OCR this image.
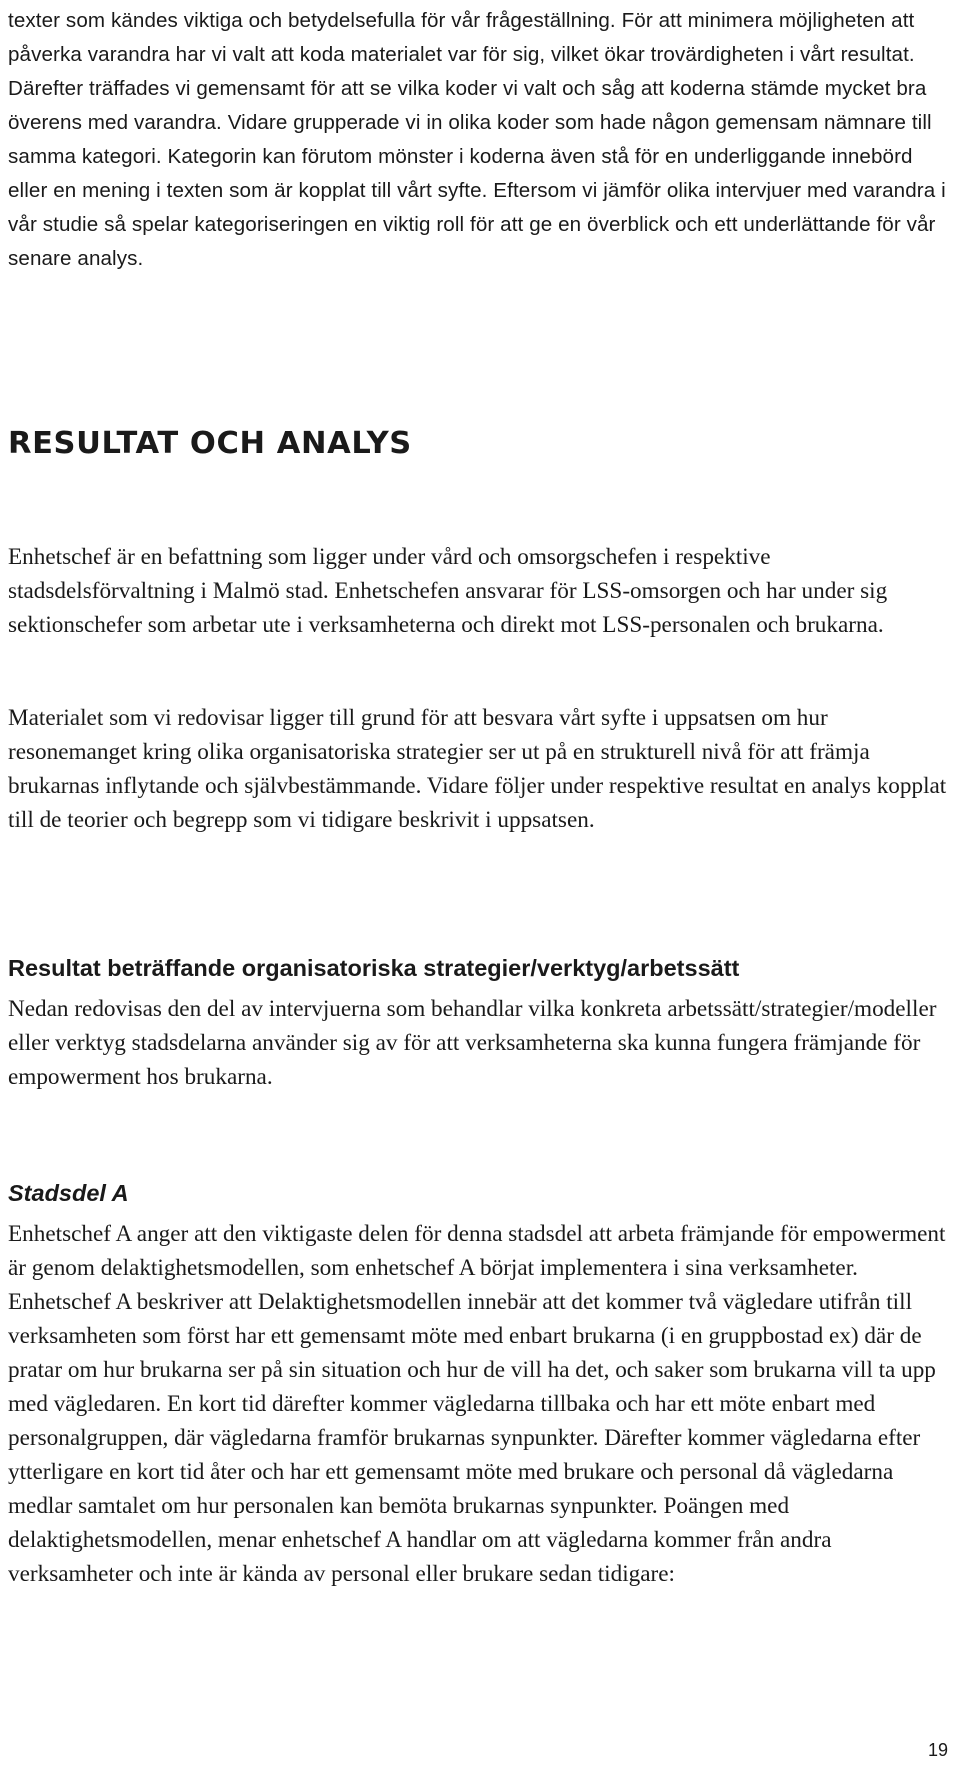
texter som kändes viktiga och betydelsefulla för vår frågeställning. För att minimera möjligheten att påverka varandra har vi valt att koda materialet var för sig, vilket ökar trovärdigheten i vårt resultat. Därefter träffades vi gemensamt för att se vilka koder vi valt och såg att koderna stämde mycket bra överens med varandra. Vidare grupperade vi in olika koder som hade någon gemensam nämnare till samma kategori. Kategorin kan förutom mönster i koderna även stå för en underliggande innebörd eller en mening i texten som är kopplat till vårt syfte. Eftersom vi jämför olika intervjuer med varandra i vår studie så spelar kategoriseringen en viktig roll för att ge en överblick och ett underlättande för vår senare analys.

RESULTAT OCH ANALYS

Enhetschef är en befattning som ligger under vård och omsorgschefen i respektive stadsdelsförvaltning i Malmö stad. Enhetschefen ansvarar för LSS-omsorgen och har under sig sektionschefer som arbetar ute i verksamheterna och direkt mot LSS-personalen och brukarna.

Materialet som vi redovisar ligger till grund för att besvara vårt syfte i uppsatsen om hur resonemanget kring olika organisatoriska strategier ser ut på en strukturell nivå för att främja brukarnas inflytande och självbestämmande. Vidare följer under respektive resultat en analys kopplat till de teorier och begrepp som vi tidigare beskrivit i uppsatsen.

Resultat beträffande organisatoriska strategier/verktyg/arbetssätt

Nedan redovisas den del av intervjuerna som behandlar vilka konkreta arbetssätt/strategier/modeller eller verktyg stadsdelarna använder sig av för att verksamheterna ska kunna fungera främjande för empowerment hos brukarna.

Stadsdel A

Enhetschef A anger att den viktigaste delen för denna stadsdel att arbeta främjande för empowerment är genom delaktighetsmodellen, som enhetschef A börjat implementera i sina verksamheter. Enhetschef A beskriver att Delaktighetsmodellen innebär att det kommer två vägledare utifrån till verksamheten som först har ett gemensamt möte med enbart brukarna (i en gruppbostad ex) där de pratar om hur brukarna ser på sin situation och hur de vill ha det, och saker som brukarna vill ta upp med vägledaren. En kort tid därefter kommer vägledarna tillbaka och har ett möte enbart med personalgruppen, där vägledarna framför brukarnas synpunkter. Därefter kommer vägledarna efter ytterligare en kort tid åter och har ett gemensamt möte med brukare och personal då vägledarna medlar samtalet om hur personalen kan bemöta brukarnas synpunkter. Poängen med delaktighetsmodellen, menar enhetschef A handlar om att vägledarna kommer från andra verksamheter och inte är kända av personal eller brukare sedan tidigare:

19
